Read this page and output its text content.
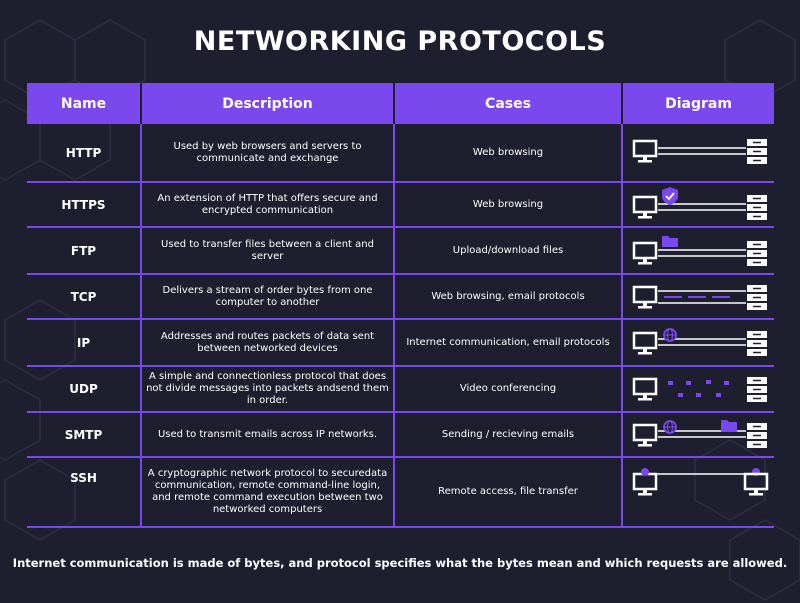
NETWORKING PROTOCOLS
Name	Description	Cases	Diagram
HTTP	Used by web browsers and servers to communicate and exchange	Web browsing	

HTTPS	An extension of HTTP that offers secure and encrypted communication	Web browsing	

FTP	Used to transfer files between a client and server	Upload/download files	

TCP	Delivers a stream of order bytes from one computer to another	Web browsing, email protocols	

IP	Addresses and routes packets of data sent between networked devices	Internet communication, email protocols	

UDP	A simple and connectionless protocol that does not divide messages into packets andsend them in order.	Video conferencing	

SMTP	Used to transmit emails across IP networks.	Sending / recieving emails	

SSH	A cryptographic network protocol to securedata communication, remote command-line login, and remote command execution between two networked computers	Remote access, file transfer	
Internet communication is made of bytes, and protocol specifies what the bytes mean and which requests are allowed.
